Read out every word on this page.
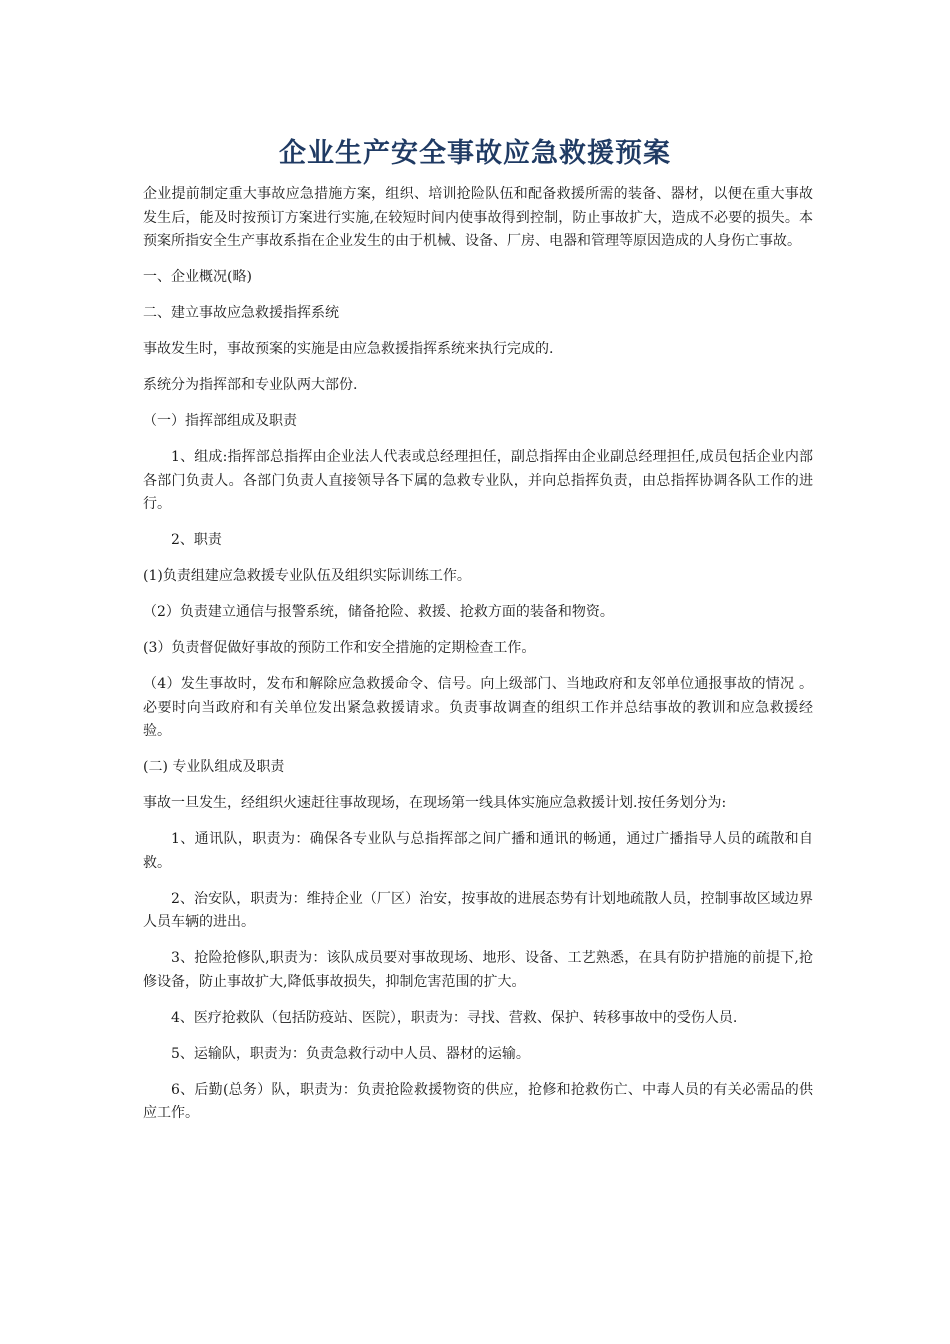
企业生产安全事故应急救援预案

企业提前制定重大事故应急措施方案，组织、培训抢险队伍和配备救援所需的装备、器材，以便在重大事故发生后，能及时按预订方案进行实施,在较短时间内使事故得到控制，防止事故扩大，造成不必要的损失。本预案所指安全生产事故系指在企业发生的由于机械、设备、厂房、电器和管理等原因造成的人身伤亡事故。

一、企业概况(略)

二、建立事故应急救援指挥系统

事故发生时，事故预案的实施是由应急救援指挥系统来执行完成的.

系统分为指挥部和专业队两大部份.

（一）指挥部组成及职责

1、组成:指挥部总指挥由企业法人代表或总经理担任，副总指挥由企业副总经理担任,成员包括企业内部各部门负责人。各部门负责人直接领导各下属的急救专业队，并向总指挥负责，由总指挥协调各队工作的进行。

2、职责

(1)负责组建应急救援专业队伍及组织实际训练工作。

（2）负责建立通信与报警系统，储备抢险、救援、抢救方面的装备和物资。

(3）负责督促做好事故的预防工作和安全措施的定期检查工作。

（4）发生事故时，发布和解除应急救援命令、信号。向上级部门、当地政府和友邻单位通报事故的情况 。必要时向当政府和有关单位发出紧急救援请求。负责事故调查的组织工作并总结事故的教训和应急救援经验。

(二) 专业队组成及职责

事故一旦发生，经组织火速赶往事故现场，在现场第一线具体实施应急救援计划.按任务划分为:

1、通讯队，职责为：确保各专业队与总指挥部之间广播和通讯的畅通，通过广播指导人员的疏散和自救。

2、治安队，职责为：维持企业（厂区）治安，按事故的进展态势有计划地疏散人员，控制事故区域边界人员车辆的进出。

3、抢险抢修队,职责为：该队成员要对事故现场、地形、设备、工艺熟悉，在具有防护措施的前提下,抢修设备，防止事故扩大,降低事故损失，抑制危害范围的扩大。

4、医疗抢救队（包括防疫站、医院），职责为：寻找、营救、保护、转移事故中的受伤人员.

5、运输队，职责为：负责急救行动中人员、器材的运输。

6、后勤(总务）队，职责为：负责抢险救援物资的供应，抢修和抢救伤亡、中毒人员的有关必需品的供应工作。
